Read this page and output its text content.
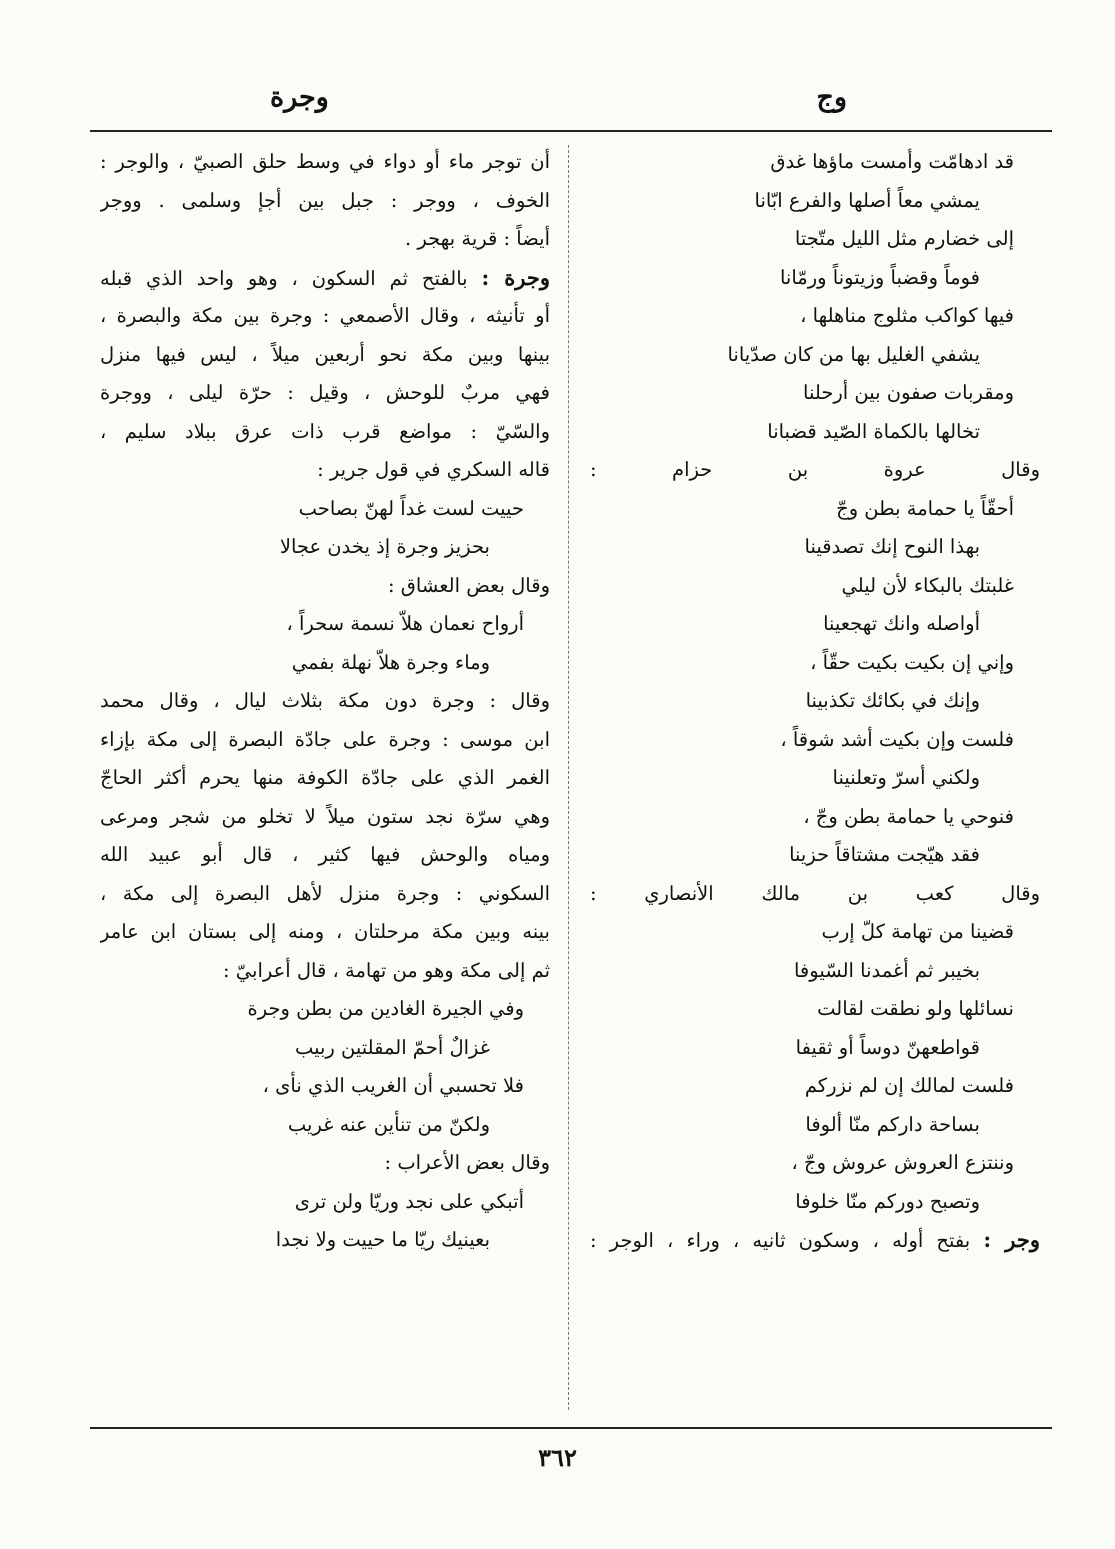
وج
وجرة
قد ادهامّت وأمست ماؤها غدق
يمشي معاً أصلها والفرع ابّانا
إلى خضارم مثل الليل متّجتا
فوماً وقضباً وزيتوناً ورمّانا
فيها كواكب مثلوج مناهلها ،
يشفي الغليل بها من كان صدّيانا
ومقربات صفون بين أرحلنا
تخالها بالكماة الصّيد قضبانا
وقال عروة بن حزام :
أحقّاً يا حمامة بطن وجّ
بهذا النوح إنك تصدقينا
غلبتك بالبكاء لأن ليلي
أواصله وانك تهجعينا
وإني إن بكيت بكيت حقّاً ،
وإنك في بكائك تكذبينا
فلست وإن بكيت أشد شوقاً ،
ولكني أسرّ وتعلنينا
فنوحي يا حمامة بطن وجّ ،
فقد هيّجت مشتاقاً حزينا
وقال كعب بن مالك الأنصاري :
قضينا من تهامة كلّ إرب
بخيبر ثم أغمدنا السّيوفا
نسائلها ولو نطقت لقالت
قواطعهنّ دوساً أو ثقيفا
فلست لمالك إن لم نزركم
بساحة داركم منّا ألوفا
وننتزع العروش عروش وجّ ،
وتصبح دوركم منّا خلوفا
وجر : بفتح أوله ، وسكون ثانيه ، وراء ، الوجر :
أن توجر ماء أو دواء في وسط حلق الصبيّ ، والوجر :
الخوف ، ووجر : جبل بين أجإ وسلمى . ووجر
أيضاً : قرية بهجر .
وجرة : بالفتح ثم السكون ، وهو واحد الذي قبله
أو تأنيثه ، وقال الأصمعي : وجرة بين مكة والبصرة ،
بينها وبين مكة نحو أربعين ميلاً ، ليس فيها منزل
فهي مربٌ للوحش ، وقيل : حرّة ليلى ، ووجرة
والسّيّ : مواضع قرب ذات عرق ببلاد سليم ،
قاله السكري في قول جرير :
حييت لست غداً لهنّ بصاحب
بحزيز وجرة إذ يخدن عجالا
وقال بعض العشاق :
أرواح نعمان هلاّ نسمة سحراً ،
وماء وجرة هلاّ نهلة بفمي
وقال : وجرة دون مكة بثلاث ليال ، وقال محمد
ابن موسى : وجرة على جادّة البصرة إلى مكة بإزاء
الغمر الذي على جادّة الكوفة منها يحرم أكثر الحاجّ
وهي سرّة نجد ستون ميلاً لا تخلو من شجر ومرعى
ومياه والوحش فيها كثير ، قال أبو عبيد الله
السكوني : وجرة منزل لأهل البصرة إلى مكة ،
بينه وبين مكة مرحلتان ، ومنه إلى بستان ابن عامر
ثم إلى مكة وهو من تهامة ، قال أعرابيّ :
وفي الجيرة الغادين من بطن وجرة
غزالٌ أحمّ المقلتين ربيب
فلا تحسبي أن الغريب الذي نأى ،
ولكنّ من تنأين عنه غريب
وقال بعض الأعراب :
أتبكي على نجد وريّا ولن ترى
بعينيك ريّا ما حييت ولا نجدا
٣٦٢
